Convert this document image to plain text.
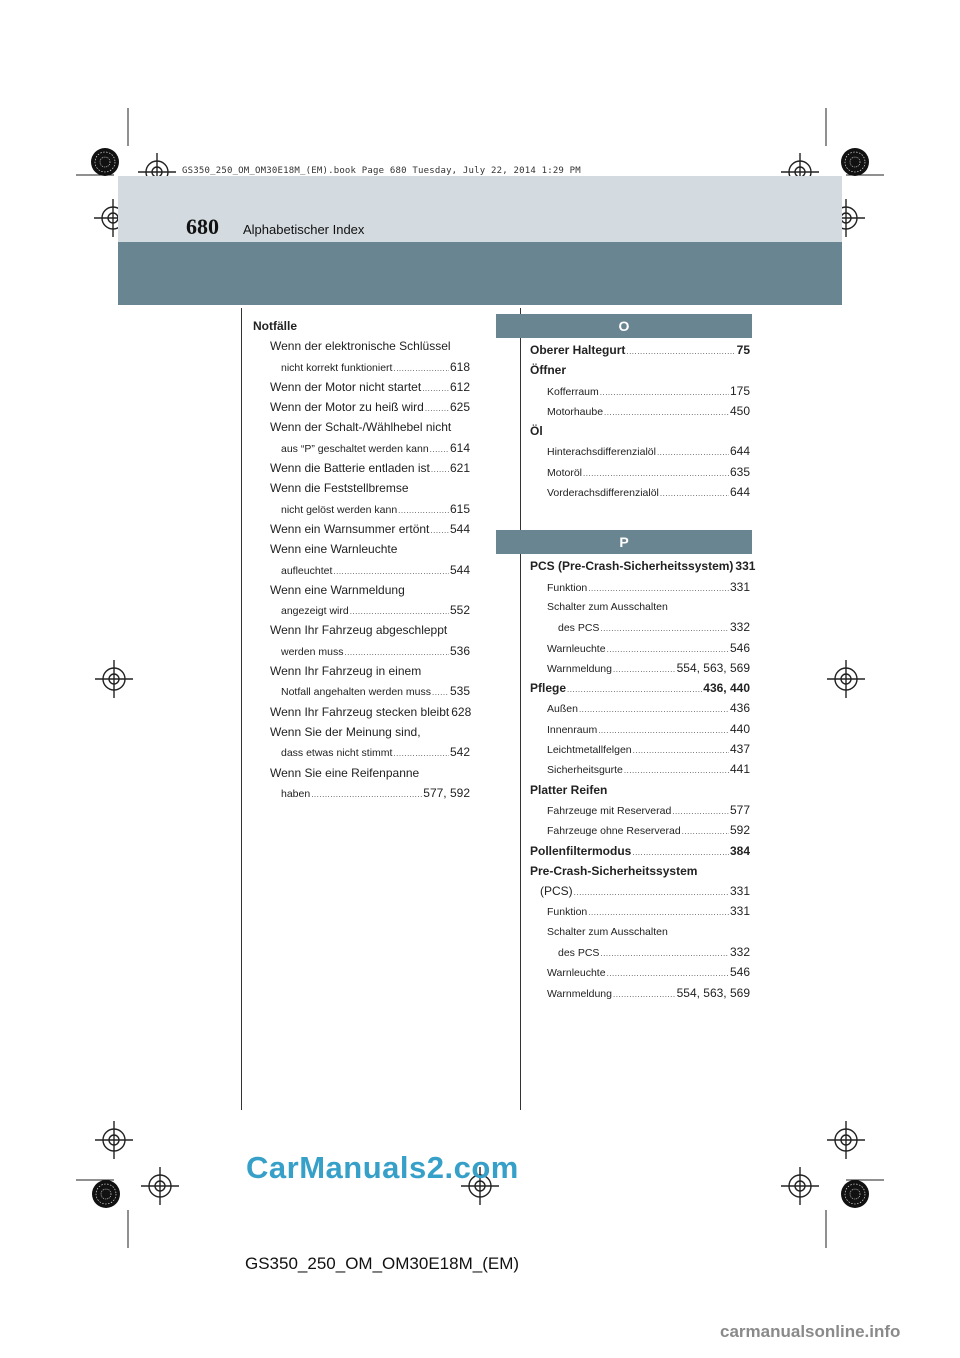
GS350_250_OM_OM30E18M_(EM).book Page 680 Tuesday, July 22, 2014 1:29 PM
680 Alphabetischer Index
Notfälle
Wenn der elektronische Schlüssel
nicht korrekt funktioniert .....	618
Wenn der Motor nicht startet ..... 612
Wenn der Motor zu heiß wird ..... 625
Wenn der Schalt-/Wählhebel nicht
aus “P” geschaltet werden kann ..... 614
Wenn die Batterie entladen ist ..... 621
Wenn die Feststellbremse
nicht gelöst werden kann .....	615
Wenn ein Warnsummer ertönt ..... 544
Wenn eine Warnleuchte
aufleuchtet .....	544
Wenn eine Warnmeldung
angezeigt wird .....	552
Wenn Ihr Fahrzeug abgeschleppt
werden muss .....	536
Wenn Ihr Fahrzeug in einem
Notfall angehalten werden muss ..... 535
Wenn Ihr Fahrzeug stecken bleibt 628
Wenn Sie der Meinung sind,
dass etwas nicht stimmt .....	542
Wenn Sie eine Reifenpanne
haben .....	577, 592
O
Oberer Haltegurt .....	75
Öffner
Kofferraum .....	175
Motorhaube .....	450
Öl
Hinterachsdifferenzialöl .....	644
Motoröl .....	635
Vorderachsdifferenzialöl .....	644
P
PCS (Pre-Crash-Sicherheitssystem) 331
Funktion .....	331
Schalter zum Ausschalten
des PCS .....	332
Warnleuchte .....	546
Warnmeldung .....	554, 563, 569
Pflege .....	436, 440
Außen .....	436
Innenraum .....	440
Leichtmetallfelgen .....	437
Sicherheitsgurte .....	441
Platter Reifen
Fahrzeuge mit Reserverad .....	577
Fahrzeuge ohne Reserverad .....	592
Pollenfiltermodus .....	384
Pre-Crash-Sicherheitssystem
(PCS) .....	331
Funktion .....	331
Schalter zum Ausschalten
des PCS .....	332
Warnleuchte .....	546
Warnmeldung .....	554, 563, 569
CarManuals2.com
GS350_250_OM_OM30E18M_(EM)
carmanualsonline.info
